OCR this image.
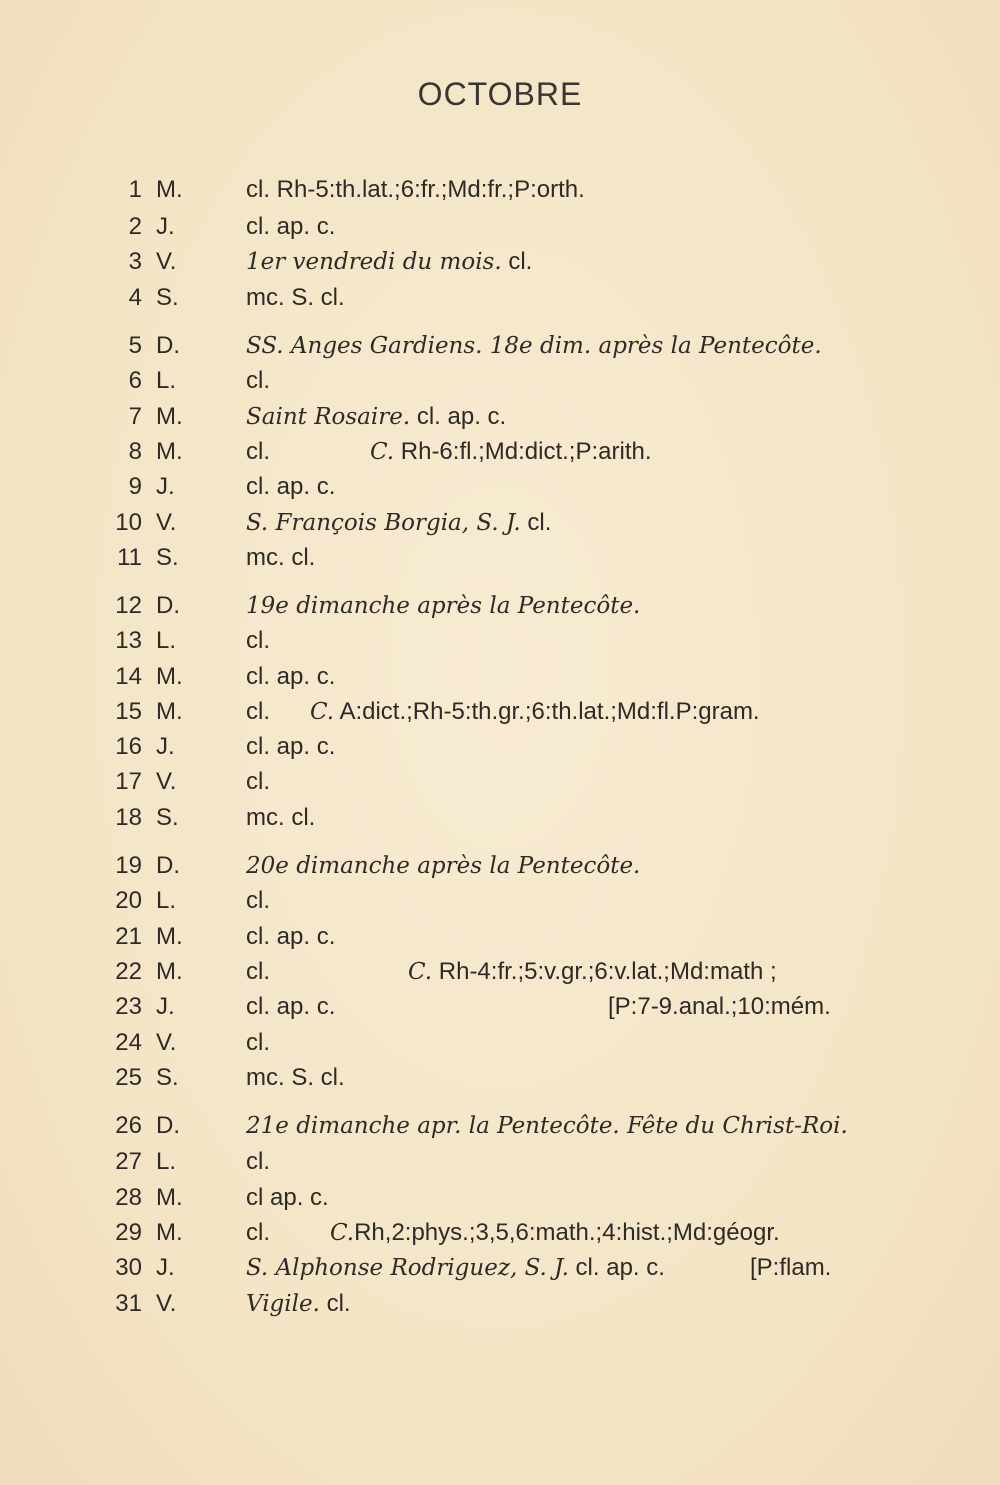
OCTOBRE
1 M.	cl. Rh-5:th.lat.;6:fr.;Md:fr.;P:orth.
2 J.	cl. ap. c.
3 V.	1er vendredi du mois. cl.
4 S.	mc. S. cl.
5 D.	SS. Anges Gardiens. 18e dim. après la Pentecôte.
6 L.	cl.
7 M.	Saint Rosaire. cl. ap. c.
8 M.	cl.	C. Rh-6:fl.;Md:dict.;P:arith.
9 J.	cl. ap. c.
10 V.	S. François Borgia, S. J. cl.
11 S.	mc. cl.
12 D.	19e dimanche après la Pentecôte.
13 L.	cl.
14 M.	cl. ap. c.
15 M.	cl. C. A:dict.;Rh-5:th.gr.;6:th.lat.;Md:fl.P:gram.
16 J.	cl. ap. c.
17 V.	cl.
18 S.	mc. cl.
19 D.	20e dimanche après la Pentecôte.
20 L.	cl.
21 M.	cl. ap. c.
22 M.	cl.	C. Rh-4:fr.;5:v.gr.;6:v.lat.;Md:math ;
23 J.	cl. ap. c.	[P:7-9.anal.;10:mém.
24 V.	cl.
25 S.	mc. S. cl.
26 D.	21e dimanche apr. la Pentecôte. Fête du Christ-Roi.
27 L.	cl.
28 M.	cl ap. c.
29 M.	cl.	C.Rh,2:phys.;3,5,6:math.;4:hist.;Md:géogr.
30 J.	S. Alphonse Rodriguez, S. J. cl. ap. c.	[P:flam.
31 V.	Vigile. cl.
